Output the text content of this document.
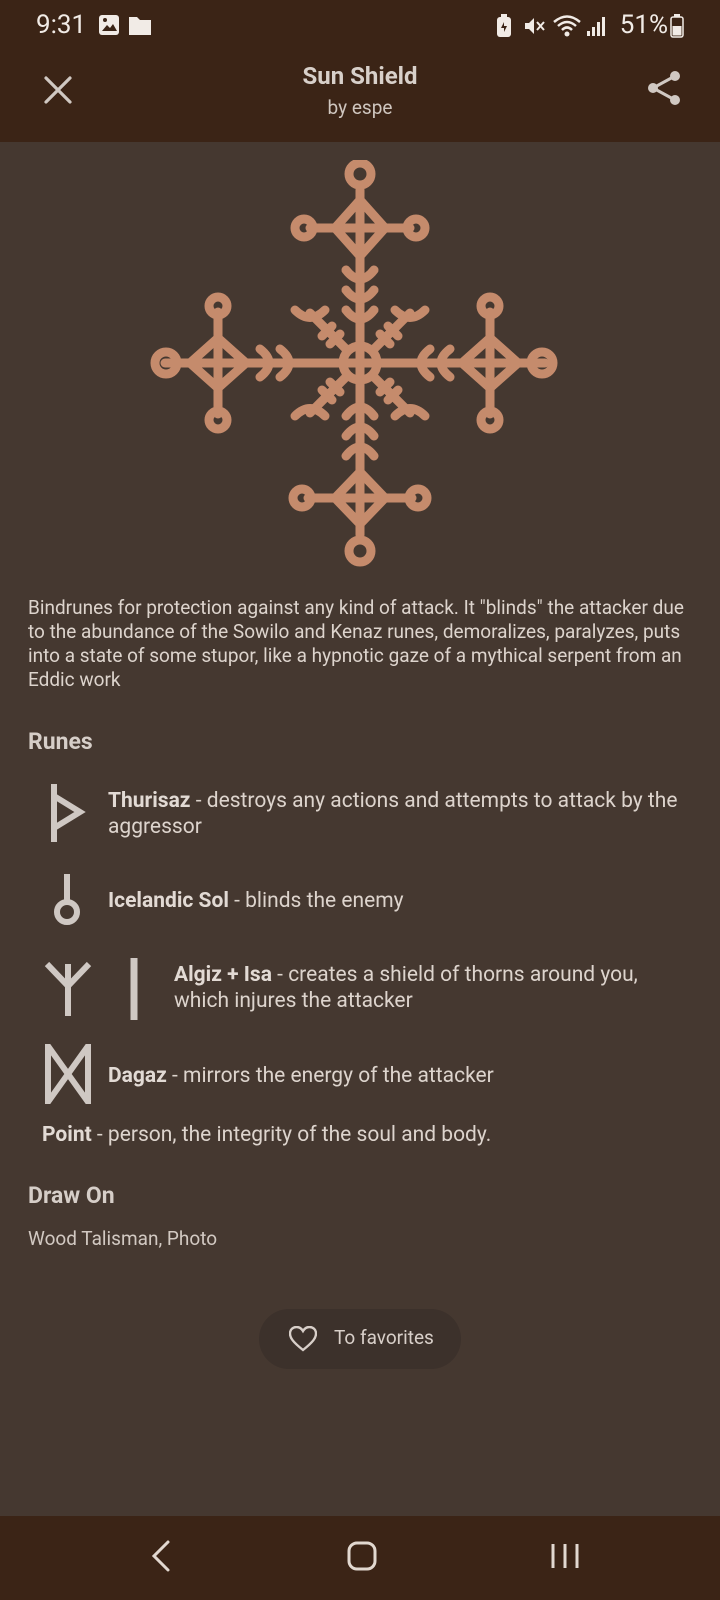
9:31	51%
Sun Shield
by espe
Bindrunes for protection against any kind of attack. It "blinds" the attacker due to the abundance of the Sowilo and Kenaz runes, demoralizes, paralyzes, puts into a state of some stupor, like a hypnotic gaze of a mythical serpent from an Eddic work
Runes
Thurisaz - destroys any actions and attempts to attack by the aggressor
Icelandic Sol - blinds the enemy
Algiz + Isa - creates a shield of thorns around you, which injures the attacker
Dagaz - mirrors the energy of the attacker
Point - person, the integrity of the soul and body.
Draw On
Wood Talisman, Photo
To favorites
